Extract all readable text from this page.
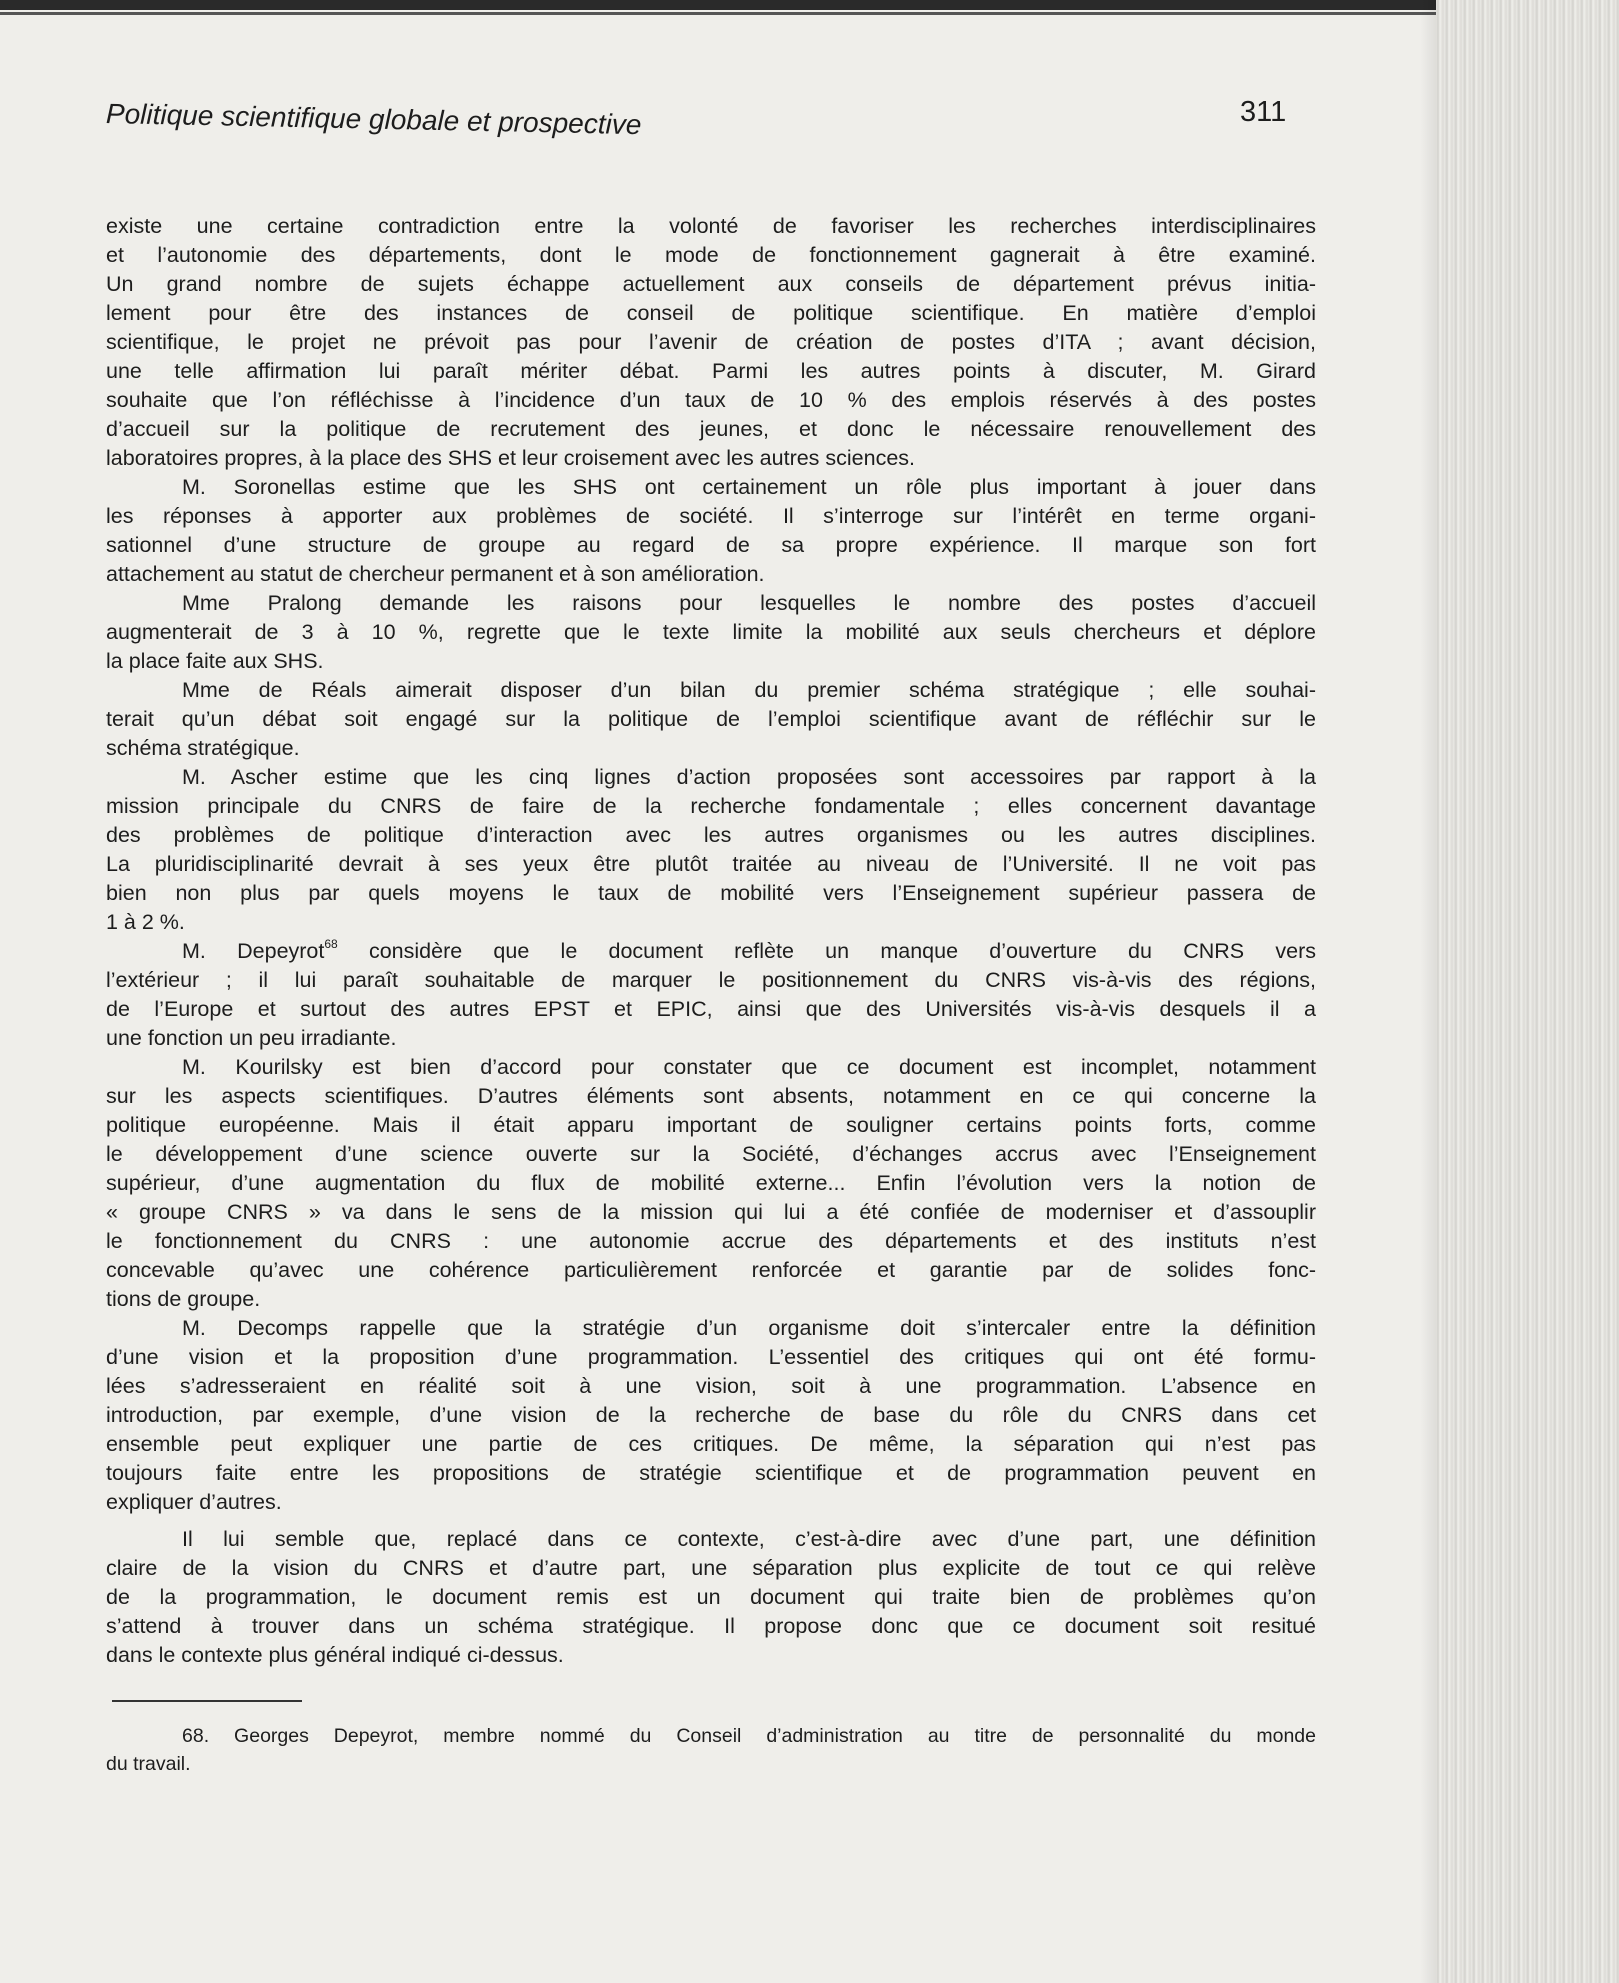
Politique scientifique globale et prospective	311
existe une certaine contradiction entre la volonté de favoriser les recherches interdisciplinaires
et l’autonomie des départements, dont le mode de fonctionnement gagnerait à être examiné.
Un grand nombre de sujets échappe actuellement aux conseils de département prévus initia-
lement pour être des instances de conseil de politique scientifique. En matière d’emploi
scientifique, le projet ne prévoit pas pour l’avenir de création de postes d’ITA ; avant décision,
une telle affirmation lui paraît mériter débat. Parmi les autres points à discuter, M. Girard
souhaite que l’on réfléchisse à l’incidence d’un taux de 10 % des emplois réservés à des postes
d’accueil sur la politique de recrutement des jeunes, et donc le nécessaire renouvellement des
laboratoires propres, à la place des SHS et leur croisement avec les autres sciences.
M. Soronellas estime que les SHS ont certainement un rôle plus important à jouer dans
les réponses à apporter aux problèmes de société. Il s’interroge sur l’intérêt en terme organi-
sationnel d’une structure de groupe au regard de sa propre expérience. Il marque son fort
attachement au statut de chercheur permanent et à son amélioration.
Mme Pralong demande les raisons pour lesquelles le nombre des postes d’accueil
augmenterait de 3 à 10 %, regrette que le texte limite la mobilité aux seuls chercheurs et déplore
la place faite aux SHS.
Mme de Réals aimerait disposer d’un bilan du premier schéma stratégique ; elle souhai-
terait qu’un débat soit engagé sur la politique de l’emploi scientifique avant de réfléchir sur le
schéma stratégique.
M. Ascher estime que les cinq lignes d’action proposées sont accessoires par rapport à la
mission principale du CNRS de faire de la recherche fondamentale ; elles concernent davantage
des problèmes de politique d’interaction avec les autres organismes ou les autres disciplines.
La pluridisciplinarité devrait à ses yeux être plutôt traitée au niveau de l’Université. Il ne voit pas
bien non plus par quels moyens le taux de mobilité vers l’Enseignement supérieur passera de
1 à 2 %.
M. Depeyrot$^{68}$ considère que le document reflète un manque d’ouverture du CNRS vers
l’extérieur ; il lui paraît souhaitable de marquer le positionnement du CNRS vis-à-vis des régions,
de l’Europe et surtout des autres EPST et EPIC, ainsi que des Universités vis-à-vis desquels il a
une fonction un peu irradiante.
M. Kourilsky est bien d’accord pour constater que ce document est incomplet, notamment
sur les aspects scientifiques. D’autres éléments sont absents, notamment en ce qui concerne la
politique européenne. Mais il était apparu important de souligner certains points forts, comme
le développement d’une science ouverte sur la Société, d’échanges accrus avec l’Enseignement
supérieur, d’une augmentation du flux de mobilité externe... Enfin l’évolution vers la notion de
« groupe CNRS » va dans le sens de la mission qui lui a été confiée de moderniser et d’assouplir
le fonctionnement du CNRS : une autonomie accrue des départements et des instituts n’est
concevable qu’avec une cohérence particulièrement renforcée et garantie par de solides fonc-
tions de groupe.
M. Decomps rappelle que la stratégie d’un organisme doit s’intercaler entre la définition
d’une vision et la proposition d’une programmation. L’essentiel des critiques qui ont été formu-
lées s’adresseraient en réalité soit à une vision, soit à une programmation. L’absence en
introduction, par exemple, d’une vision de la recherche de base du rôle du CNRS dans cet
ensemble peut expliquer une partie de ces critiques. De même, la séparation qui n’est pas
toujours faite entre les propositions de stratégie scientifique et de programmation peuvent en
expliquer d’autres.
Il lui semble que, replacé dans ce contexte, c’est-à-dire avec d’une part, une définition
claire de la vision du CNRS et d’autre part, une séparation plus explicite de tout ce qui relève
de la programmation, le document remis est un document qui traite bien de problèmes qu’on
s’attend à trouver dans un schéma stratégique. Il propose donc que ce document soit resitué
dans le contexte plus général indiqué ci-dessus.
68. Georges Depeyrot, membre nommé du Conseil d’administration au titre de personnalité du monde
du travail.
